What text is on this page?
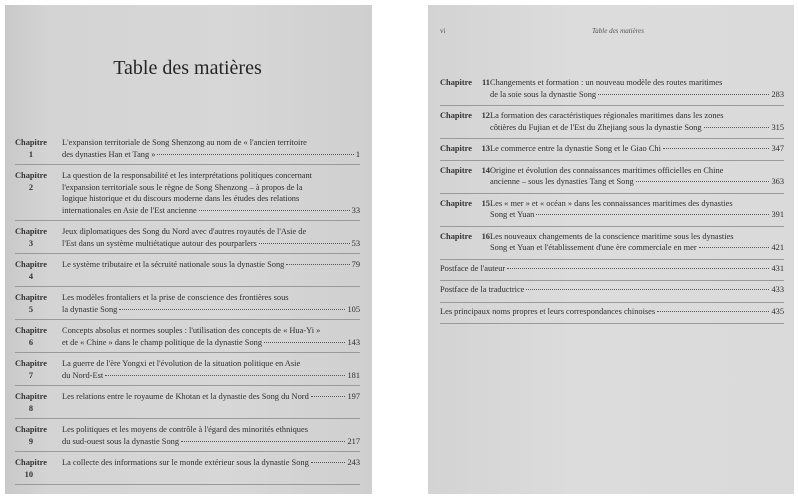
Table des matières
Chapitre1
L'expansion territoriale de Song Shenzong au nom de « l'ancien territoire
des dynasties Han et Tang »	1
Chapitre2
La question de la responsabilité et les interprétations politiques concernant
l'expansion territoriale sous le règne de Song Shenzong – à propos de la
logique historique et du discours moderne dans les études des relations
internationales en Asie de l'Est ancienne	33
Chapitre3
Jeux diplomatiques des Song du Nord avec d'autres royautés de l'Asie de
l'Est dans un système multiétatique autour des pourparlers	53
Chapitre4
Le système tributaire et la sécruité nationale sous la dynastie Song	79
Chapitre5
Les modèles frontaliers et la prise de conscience des frontières sous
la dynastie Song	105
Chapitre6
Concepts absolus et normes souples : l'utilisation des concepts de « Hua-Yi »
et de « Chine » dans le champ politique de la dynastie Song	143
Chapitre7
La guerre de l'ère Yongxi et l'évolution de la situation politique en Asie
du Nord-Est	181
Chapitre8
Les relations entre le royaume de Khotan et la dynastie des Song du Nord	197
Chapitre9
Les politiques et les moyens de contrôle à l'égard des minorités ethniques
du sud-ouest sous la dynastie Song	217
Chapitre10
La collecte des informations sur le monde extérieur sous la dynastie Song	243
vi	Table des matières
Chapitre 11 Changements et formation : un nouveau modèle des routes maritimes
de la soie sous la dynastie Song	283
Chapitre 12 La formation des caractéristiques régionales maritimes dans les zones
côtières du Fujian et de l'Est du Zhejiang sous la dynastie Song	315
Chapitre 13 Le commerce entre la dynastie Song et le Giao Chi	347
Chapitre 14 Origine et évolution des connaissances maritimes officielles en Chine
ancienne – sous les dynasties Tang et Song	363
Chapitre 15 Les « mer » et « océan » dans les connaissances maritimes des dynasties
Song et Yuan	391
Chapitre 16 Les nouveaux changements de la conscience maritime sous les dynasties
Song et Yuan et l'établissement d'une ère commerciale en mer	421
Postface de l'auteur	431
Postface de la traductrice	433
Les principaux noms propres et leurs correspondances chinoises	435
